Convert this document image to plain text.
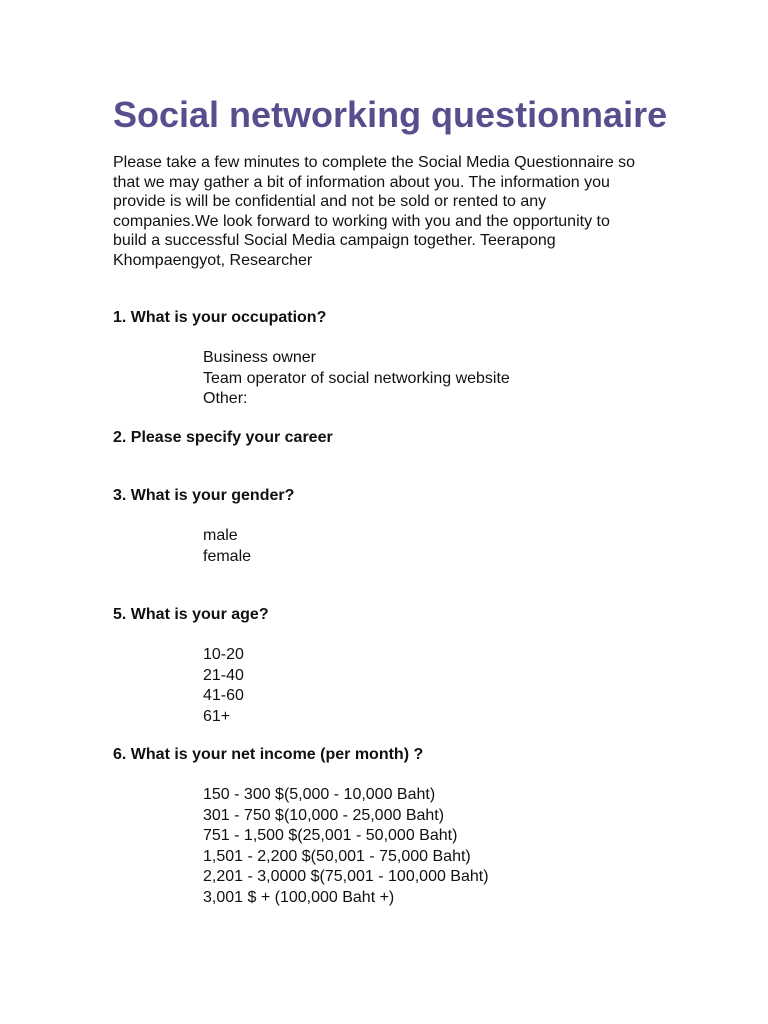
Social networking questionnaire
Please take a few minutes to complete the Social Media Questionnaire so
that we may gather a bit of information about you. The information you
provide is will be confidential and not be sold or rented to any
companies.We look forward to working with you and the opportunity to
build a successful Social Media campaign together. Teerapong
Khompaengyot, Researcher

1. What is your occupation?

Business owner
Team operator of social networking website
Other:

2. Please specify your career

3. What is your gender?

male
female

5. What is your age?

10-20
21-40
41-60
61+

6. What is your net income (per month) ?

150 - 300 $(5,000 - 10,000 Baht)
301 - 750 $(10,000 - 25,000 Baht)
751 - 1,500 $(25,001 - 50,000 Baht)
1,501 - 2,200 $(50,001 - 75,000 Baht)
2,201 - 3,0000 $(75,001 - 100,000 Baht)
3,001 $ + (100,000 Baht +)
